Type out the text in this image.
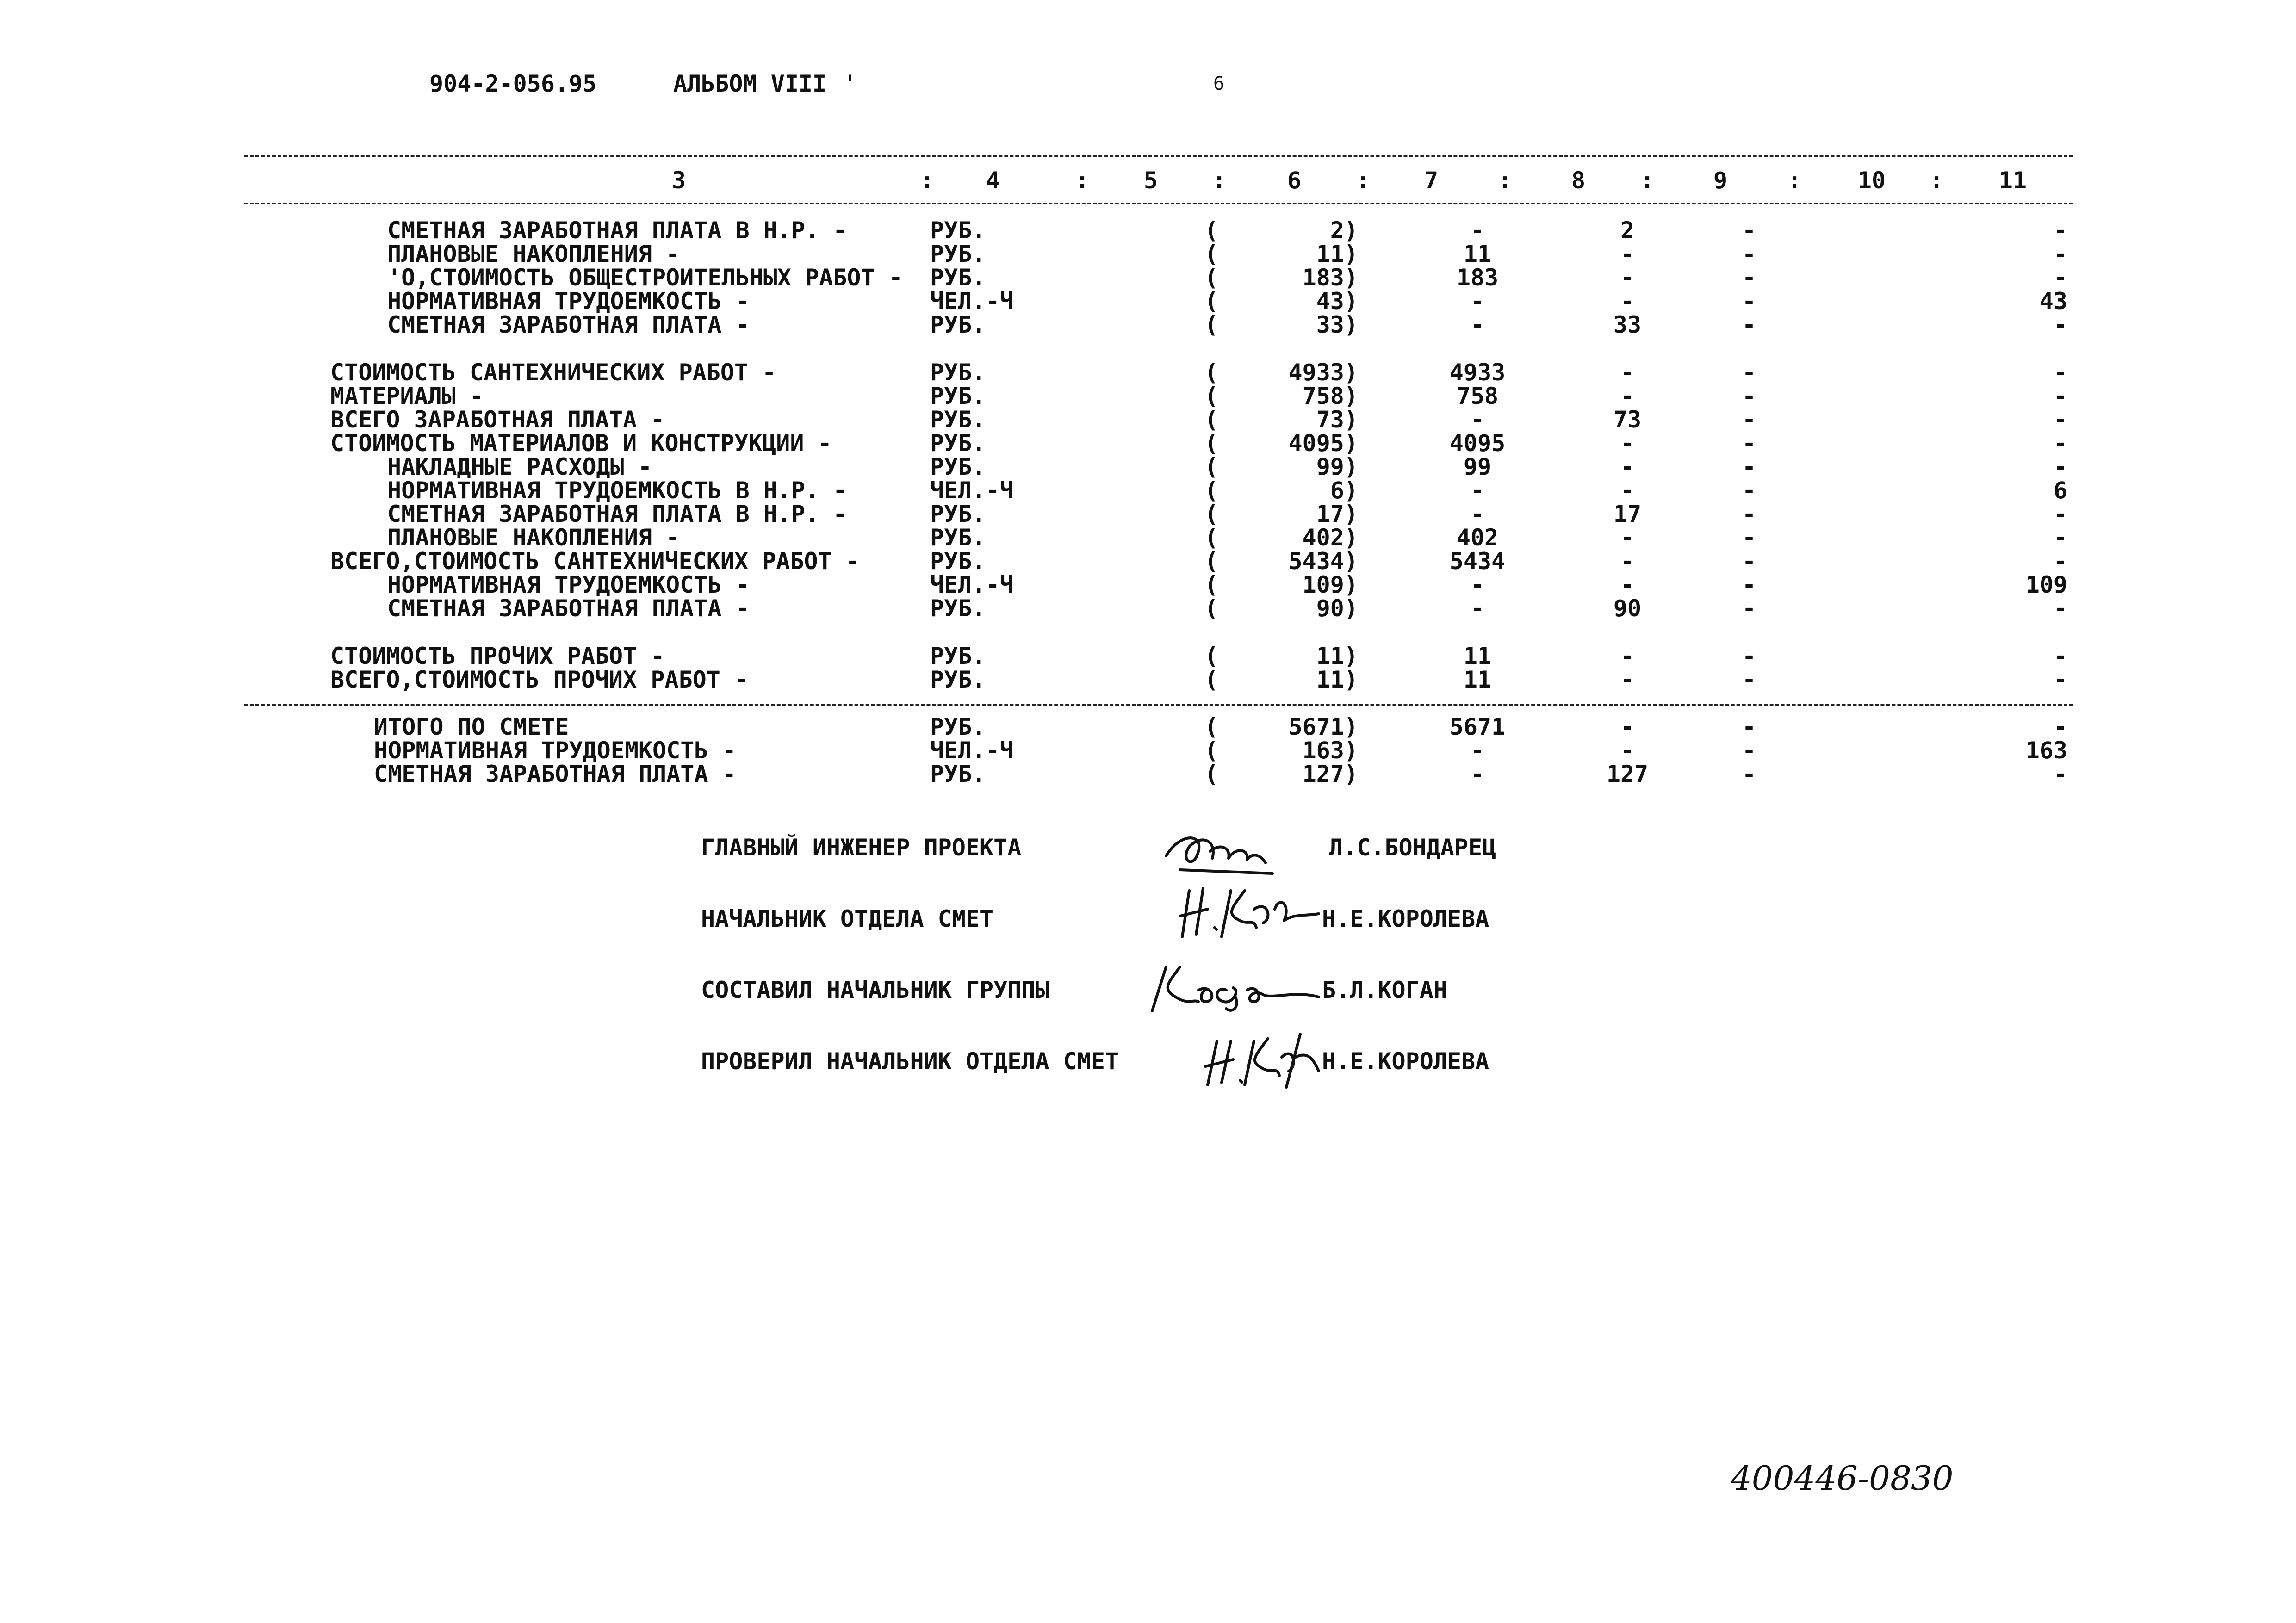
904-2-056.95	АЛЬБОМ VIII '	6
3	: 4	: 5 :	6 : 7	:	8 :	9	: 10 : 11
СМЕТНАЯ ЗАРАБОТНАЯ ПЛАТА В Н.Р. -	РУБ.	(	2)	-	2	-	-
ПЛАНОВЫЕ НАКОПЛЕНИЯ -	РУБ.	(	11)	11	-	-	-
'О,СТОИМОСТЬ ОБЩЕСТРОИТЕЛЬНЫХ РАБОТ - РУБ.	(	183)	183	-	-	-
НОРМАТИВНАЯ ТРУДОЕМКОСТЬ -	ЧЕЛ.-Ч	(	43)	-	-	-	43
СМЕТНАЯ ЗАРАБОТНАЯ ПЛАТА -	РУБ.	(	33)	-	33	-	-
СТОИМОСТЬ САНТЕХНИЧЕСКИХ РАБОТ -	РУБ.	(	4933)	4933	-	-	-
МАТЕРИАЛЫ -	РУБ.	(	758)	758	-	-	-
ВСЕГО ЗАРАБОТНАЯ ПЛАТА -	РУБ.	(	73)	-	73	-	-
СТОИМОСТЬ МАТЕРИАЛОВ И КОНСТРУКЦИИ -	РУБ.	(	4095)	4095	-	-	-
НАКЛАДНЫЕ РАСХОДЫ -	РУБ.	(	99)	99	-	-	-
НОРМАТИВНАЯ ТРУДОЕМКОСТЬ В Н.Р. -	ЧЕЛ.-Ч	(	6)	-	-	-	6
СМЕТНАЯ ЗАРАБОТНАЯ ПЛАТА В Н.Р. -	РУБ.	(	17)	-	17	-	-
ПЛАНОВЫЕ НАКОПЛЕНИЯ -	РУБ.	(	402)	402	-	-	-
ВСЕГО,СТОИМОСТЬ САНТЕХНИЧЕСКИХ РАБОТ -	РУБ.	(	5434)	5434	-	-	-
НОРМАТИВНАЯ ТРУДОЕМКОСТЬ -	ЧЕЛ.-Ч	(	109)	-	-	-	109
СМЕТНАЯ ЗАРАБОТНАЯ ПЛАТА -	РУБ.	(	90)	-	90	-	-
СТОИМОСТЬ ПРОЧИХ РАБОТ -	РУБ.	(	11)	11	-	-	-
ВСЕГО,СТОИМОСТЬ ПРОЧИХ РАБОТ -	РУБ.	(	11)	11	-	-	-
ИТОГО ПО СМЕТЕ	РУБ.	(	5671)	5671	-	-	-
НОРМАТИВНАЯ ТРУДОЕМКОСТЬ -	ЧЕЛ.-Ч	(	163)	-	-	-	163
СМЕТНАЯ ЗАРАБОТНАЯ ПЛАТА -	РУБ.	(	127)	-	127	-	-
ГЛАВНЫЙ ИНЖЕНЕР ПРОЕКТА	Л.С.БОНДАРЕЦ
НАЧАЛЬНИК ОТДЕЛА СМЕТ	Н.Е.КОРОЛЕВА
СОСТАВИЛ НАЧАЛЬНИК ГРУППЫ	Б.Л.КОГАН
ПРОВЕРИЛ НАЧАЛЬНИК ОТДЕЛА СМЕТ	Н.Е.КОРОЛЕВА
400446-08 30
